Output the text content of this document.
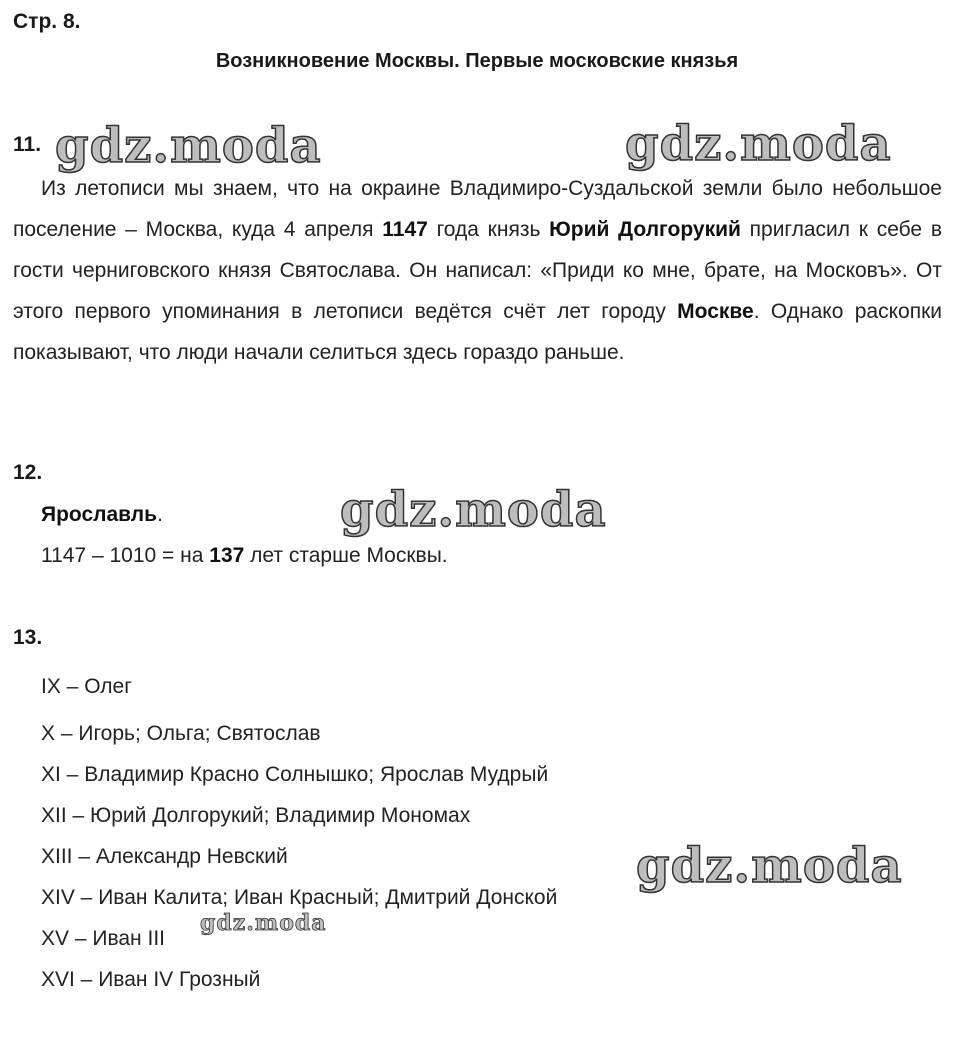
Стр. 8.
Возникновение Москвы. Первые московские князья
11.
Из летописи мы знаем, что на окраине Владимиро-Суздальской земли было небольшое поселение – Москва, куда 4 апреля 1147 года князь Юрий Долгорукий пригласил к себе в гости черниговского князя Святослава. Он написал: «Приди ко мне, брате, на Московъ». От этого первого упоминания в летописи ведётся счёт лет городу Москве. Однако раскопки показывают, что люди начали селиться здесь гораздо раньше.
12.
Ярославль.
1147 – 1010 = на 137 лет старше Москвы.
13.
IX – Олег
X – Игорь; Ольга; Святослав
XI – Владимир Красно Солнышко; Ярослав Мудрый
XII – Юрий Долгорукий; Владимир Мономах
XIII – Александр Невский
XIV – Иван Калита; Иван Красный; Дмитрий Донской
XV – Иван III
XVI – Иван IV Грозный
gdz.moda	gdz.moda
gdz.moda
gdz.moda
gdz.moda
